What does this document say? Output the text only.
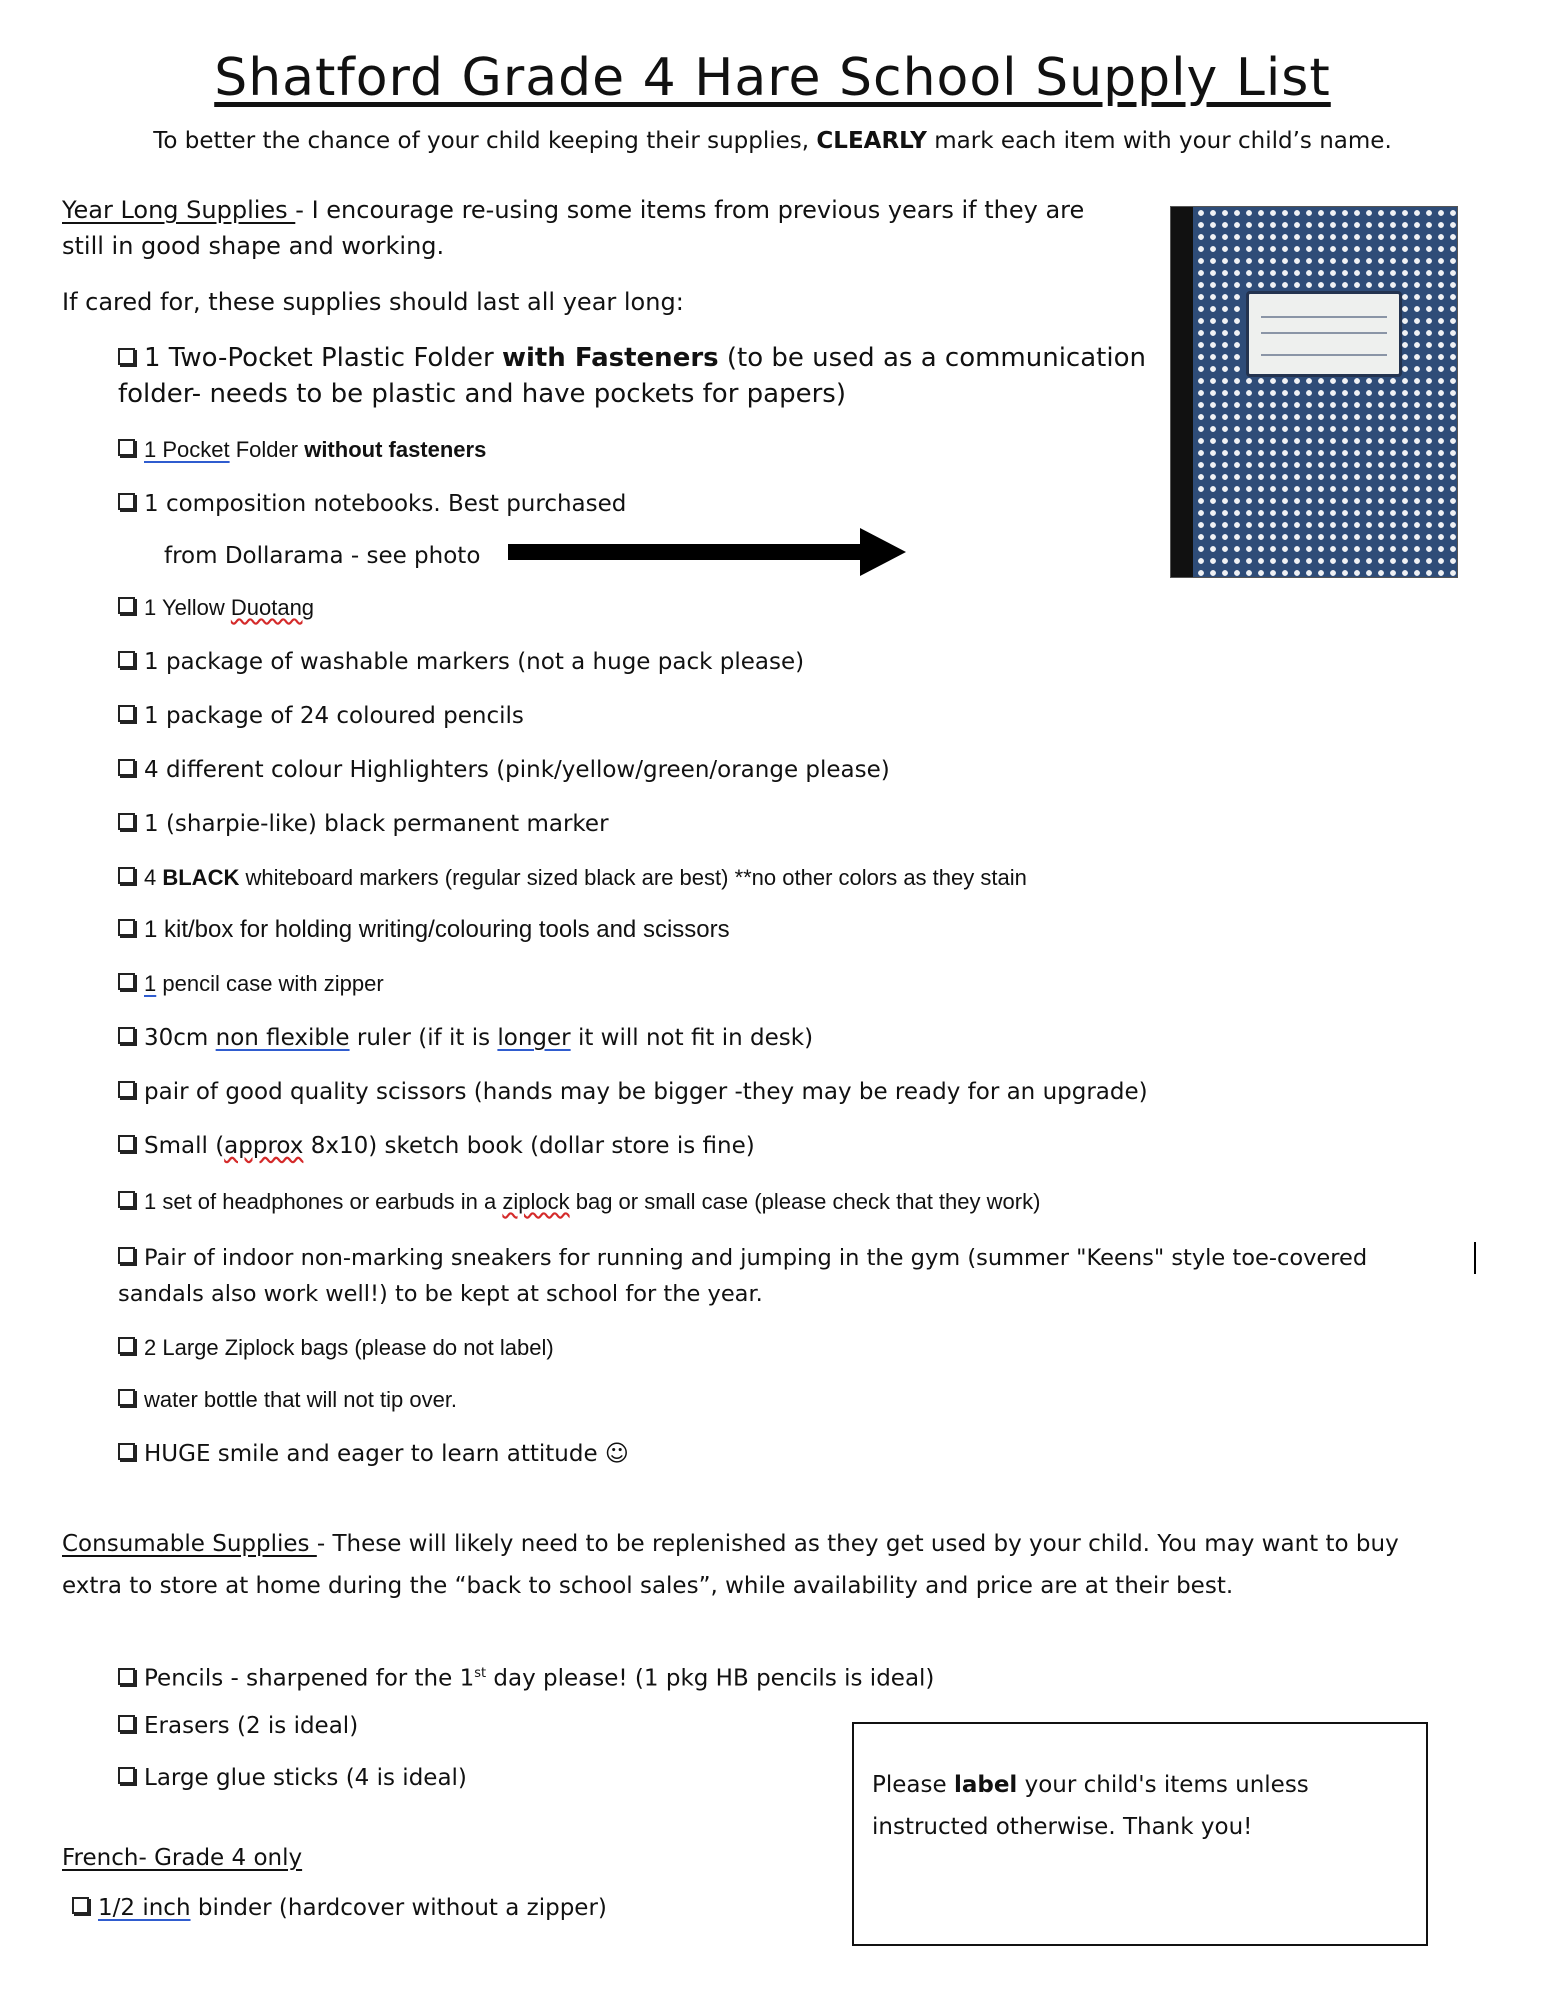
Shatford Grade 4 Hare School Supply List
To better the chance of your child keeping their supplies, CLEARLY mark each item with your child’s name.
Year Long Supplies - I encourage re-using some items from previous years if they are
still in good shape and working.
If cared for, these supplies should last all year long:
1 Two-Pocket Plastic Folder with Fasteners (to be used as a communication
folder- needs to be plastic and have pockets for papers)
1 Pocket Folder without fasteners
1 composition notebooks. Best purchased
from Dollarama - see photo
1 Yellow Duotang
1 package of washable markers (not a huge pack please)
1 package of 24 coloured pencils
4 different colour Highlighters (pink/yellow/green/orange please)
1 (sharpie-like) black permanent marker
4 BLACK whiteboard markers (regular sized black are best) **no other colors as they stain
1 kit/box for holding writing/colouring tools and scissors
1 pencil case with zipper
30cm non flexible ruler (if it is longer it will not fit in desk)
pair of good quality scissors (hands may be bigger -they may be ready for an upgrade)
Small (approx 8x10) sketch book (dollar store is fine)
1 set of headphones or earbuds in a ziplock bag or small case (please check that they work)
Pair of indoor non-marking sneakers for running and jumping in the gym (summer "Keens" style toe-covered
sandals also work well!) to be kept at school for the year.
2 Large Ziplock bags (please do not label)
water bottle that will not tip over.
HUGE smile and eager to learn attitude ☺
Consumable Supplies - These will likely need to be replenished as they get used by your child. You may want to buy
extra to store at home during the “back to school sales”, while availability and price are at their best.
Pencils - sharpened for the 1st day please! (1 pkg HB pencils is ideal)
Erasers (2 is ideal)
Large glue sticks (4 is ideal)
French- Grade 4 only
1/2 inch binder (hardcover without a zipper)
Please label your child's items unless instructed otherwise. Thank you!
